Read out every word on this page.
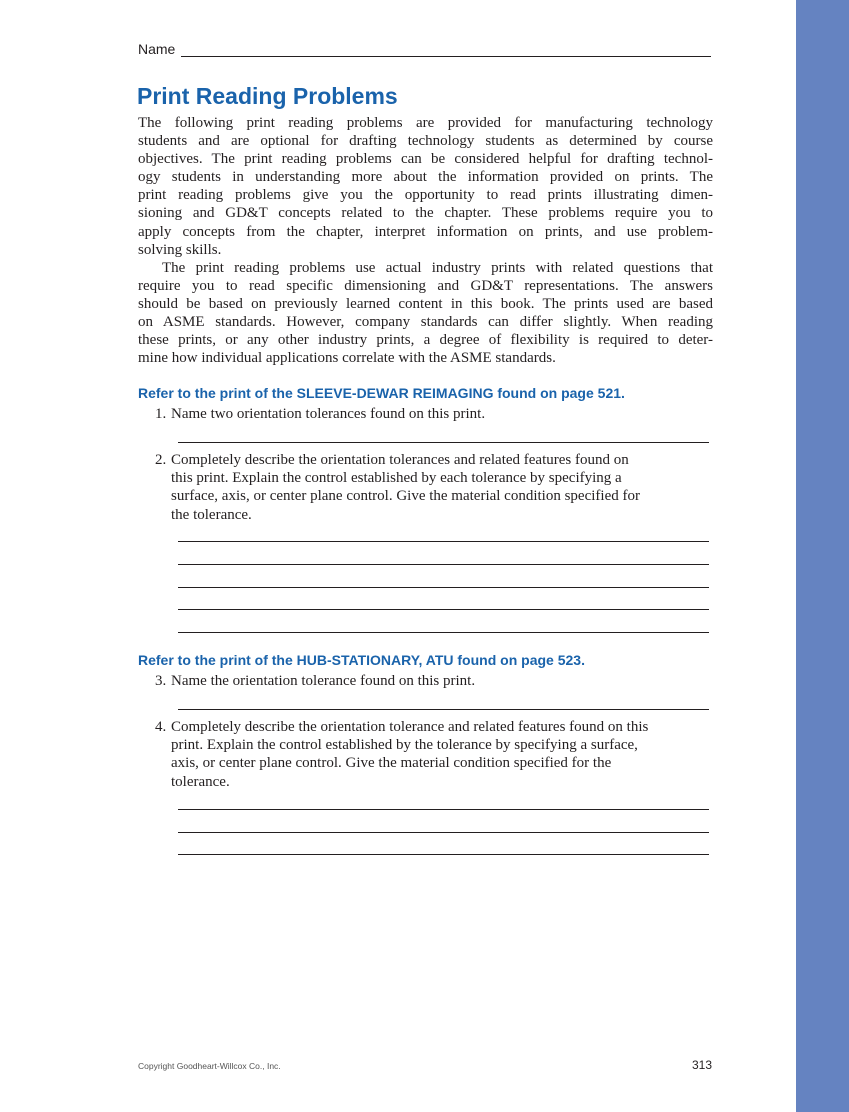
Name
Print Reading Problems
The following print reading problems are provided for manufacturing technology
students and are optional for drafting technology students as determined by course
objectives. The print reading problems can be considered helpful for drafting technol-
ogy students in understanding more about the information provided on prints. The
print reading problems give you the opportunity to read prints illustrating dimen-
sioning and GD&T concepts related to the chapter. These problems require you to
apply concepts from the chapter, interpret information on prints, and use problem-
solving skills.
The print reading problems use actual industry prints with related questions that
require you to read specific dimensioning and GD&T representations. The answers
should be based on previously learned content in this book. The prints used are based
on ASME standards. However, company standards can differ slightly. When reading
these prints, or any other industry prints, a degree of flexibility is required to deter-
mine how individual applications correlate with the ASME standards.
Refer to the print of the SLEEVE-DEWAR REIMAGING found on page 521.
1. Name two orientation tolerances found on this print.
2. Completely describe the orientation tolerances and related features found on
this print. Explain the control established by each tolerance by specifying a
surface, axis, or center plane control. Give the material condition specified for
the tolerance.
Refer to the print of the HUB-STATIONARY, ATU found on page 523.
3. Name the orientation tolerance found on this print.
4. Completely describe the orientation tolerance and related features found on this
print. Explain the control established by the tolerance by specifying a surface,
axis, or center plane control. Give the material condition specified for the
tolerance.
Copyright Goodheart-Willcox Co., Inc.	313
